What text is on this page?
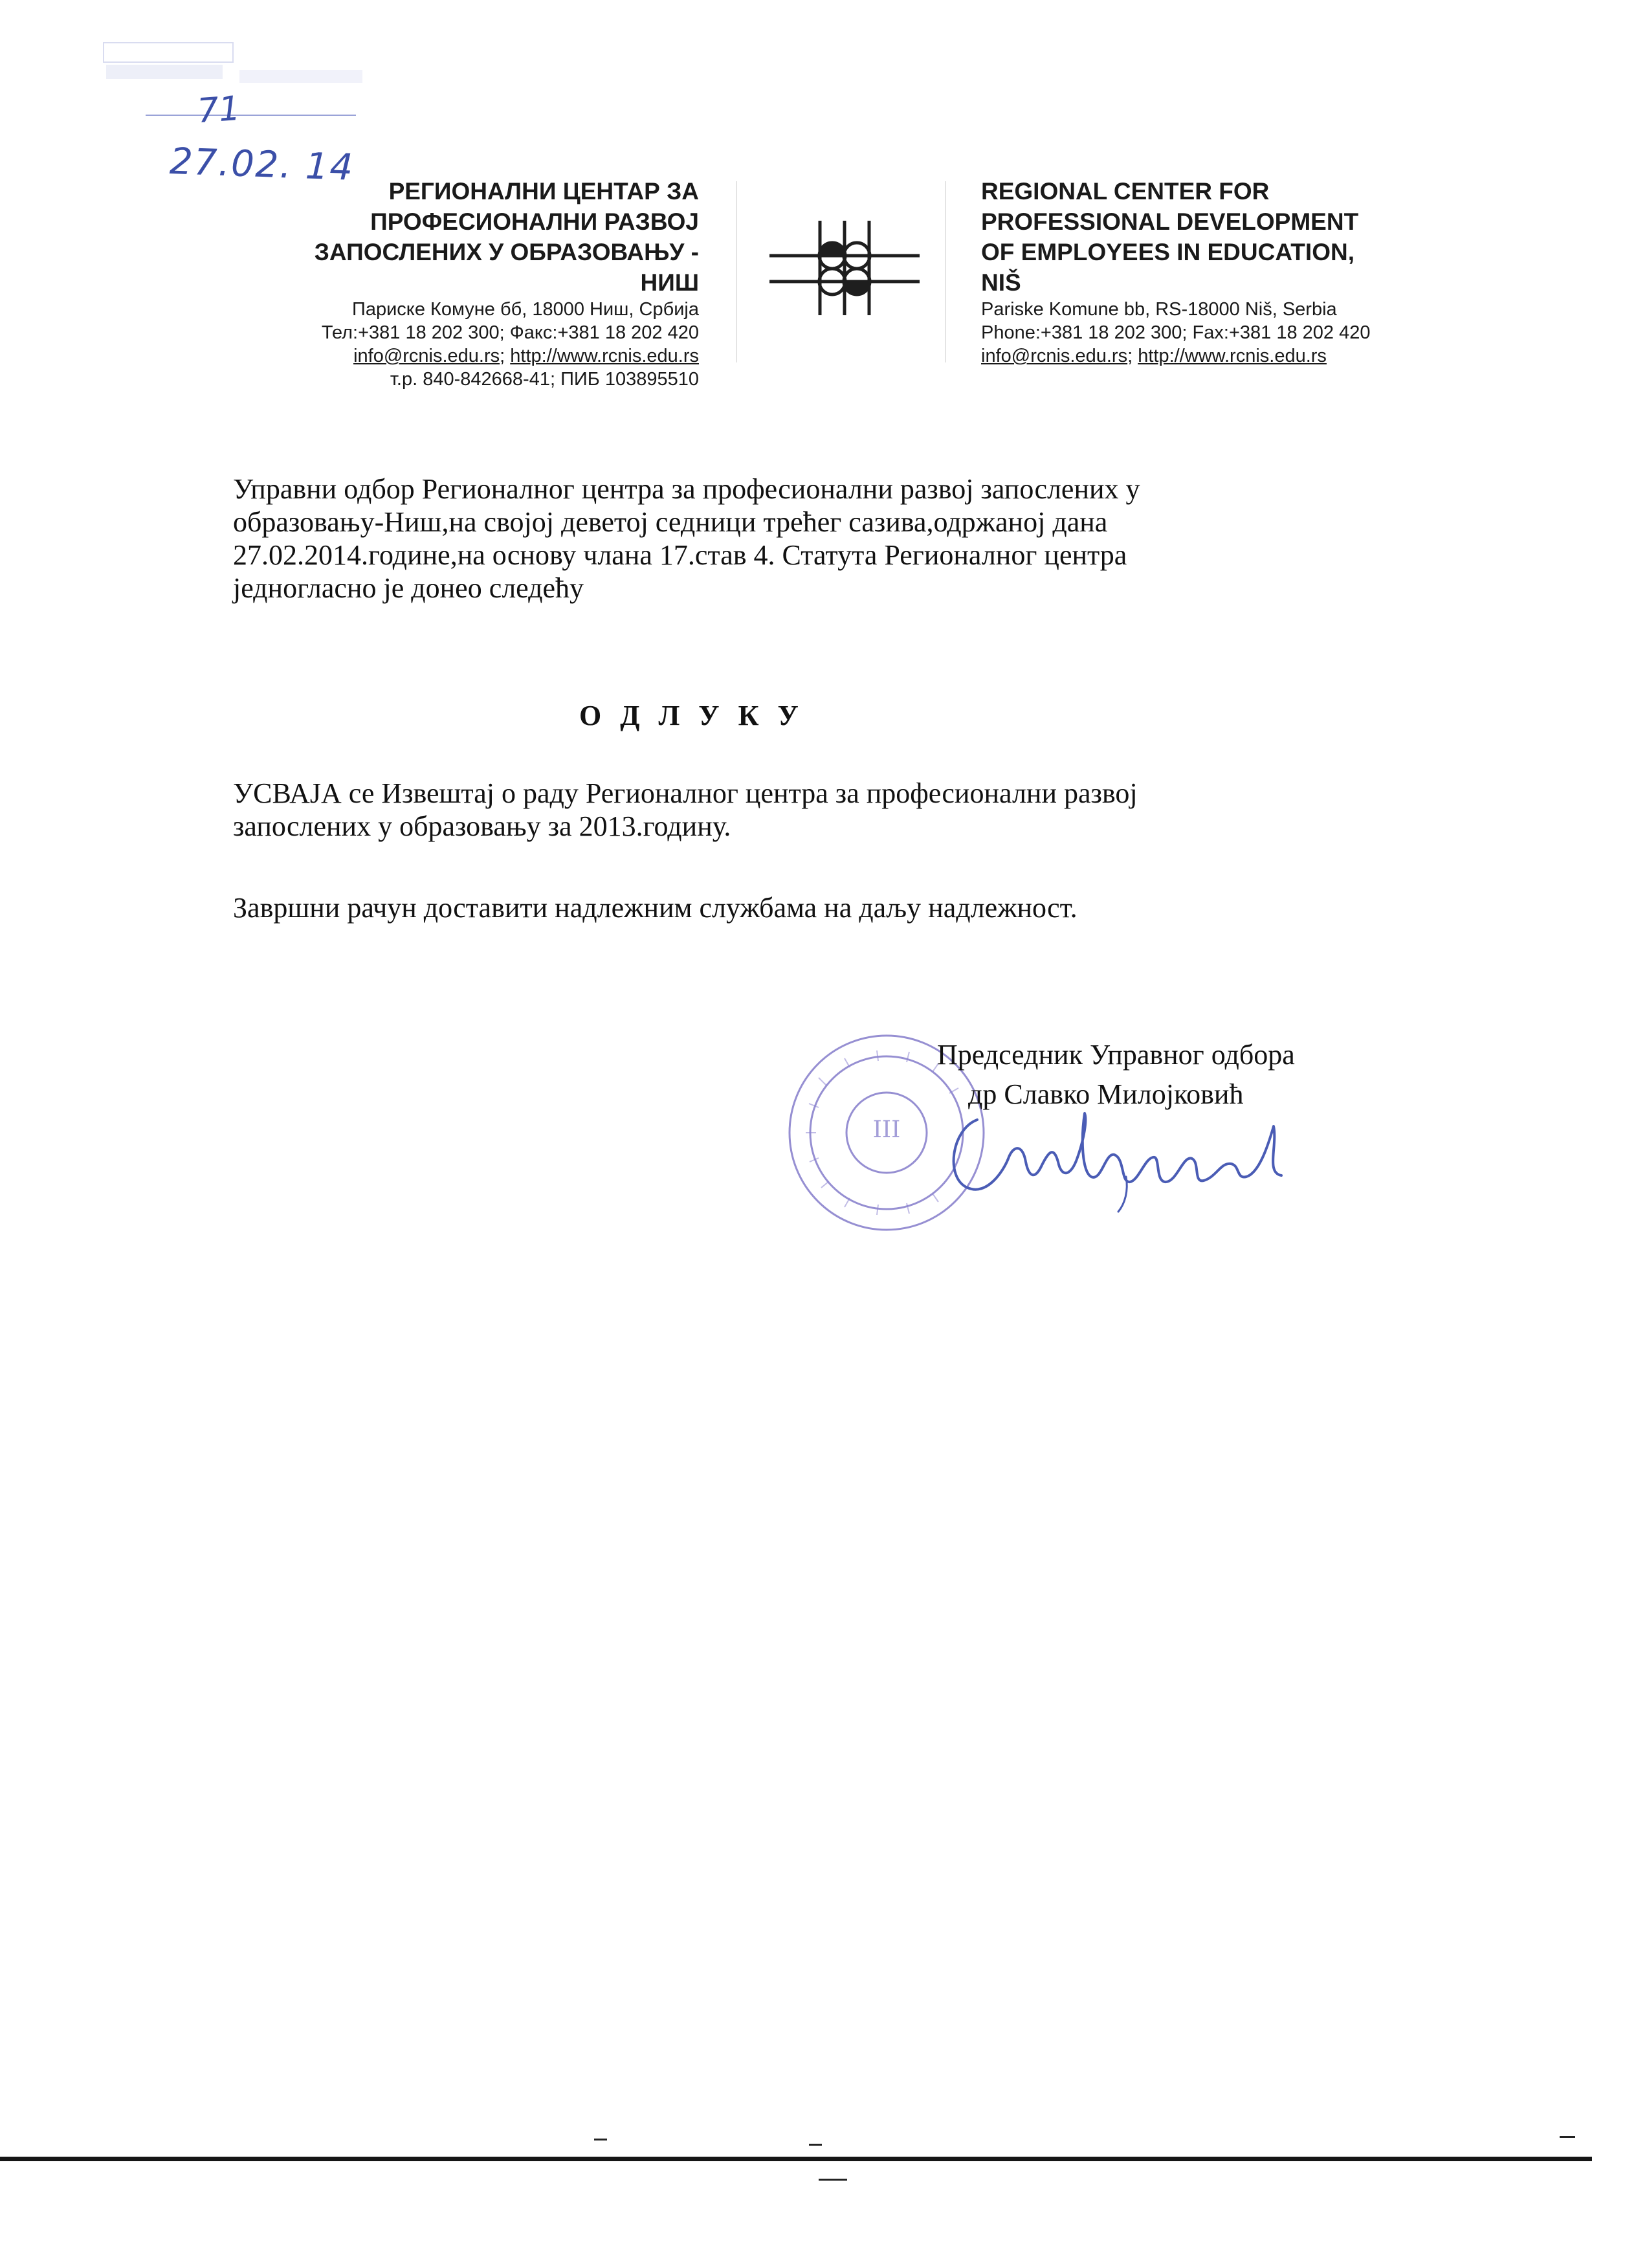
71
27.02. 14
РЕГИОНАЛНИ ЦЕНТАР ЗА
ПРОФЕСИОНАЛНИ РАЗВОЈ
ЗАПОСЛЕНИХ У ОБРАЗОВАЊУ -
НИШ
Париске Комуне бб, 18000 Ниш, Србија
Тел:+381 18 202 300; Факс:+381 18 202 420
info@rcnis.edu.rs; http://www.rcnis.edu.rs
т.р. 840-842668-41; ПИБ 103895510
REGIONAL CENTER FOR
PROFESSIONAL DEVELOPMENT
OF EMPLOYEES IN EDUCATION,
NIŠ
Pariske Komune bb, RS-18000 Niš, Serbia
Phone:+381 18 202 300; Fax:+381 18 202 420
info@rcnis.edu.rs; http://www.rcnis.edu.rs
Управни одбор Регионалног центра за професионални развој запослених у
образовању-Ниш,на својој деветој седници трећег сазива,одржаној дана
27.02.2014.године,на основу члана 17.став 4. Статута Регионалног центра
једногласно је донео следећу
О Д Л У К У
УСВАЈА се Извештај о раду Регионалног центра за професионални развој
запослених у образовању за 2013.годину.
Завршни рачун доставити надлежним службама на даљу надлежност.
III
Председник Управног одбора
др Славко Милојковић
